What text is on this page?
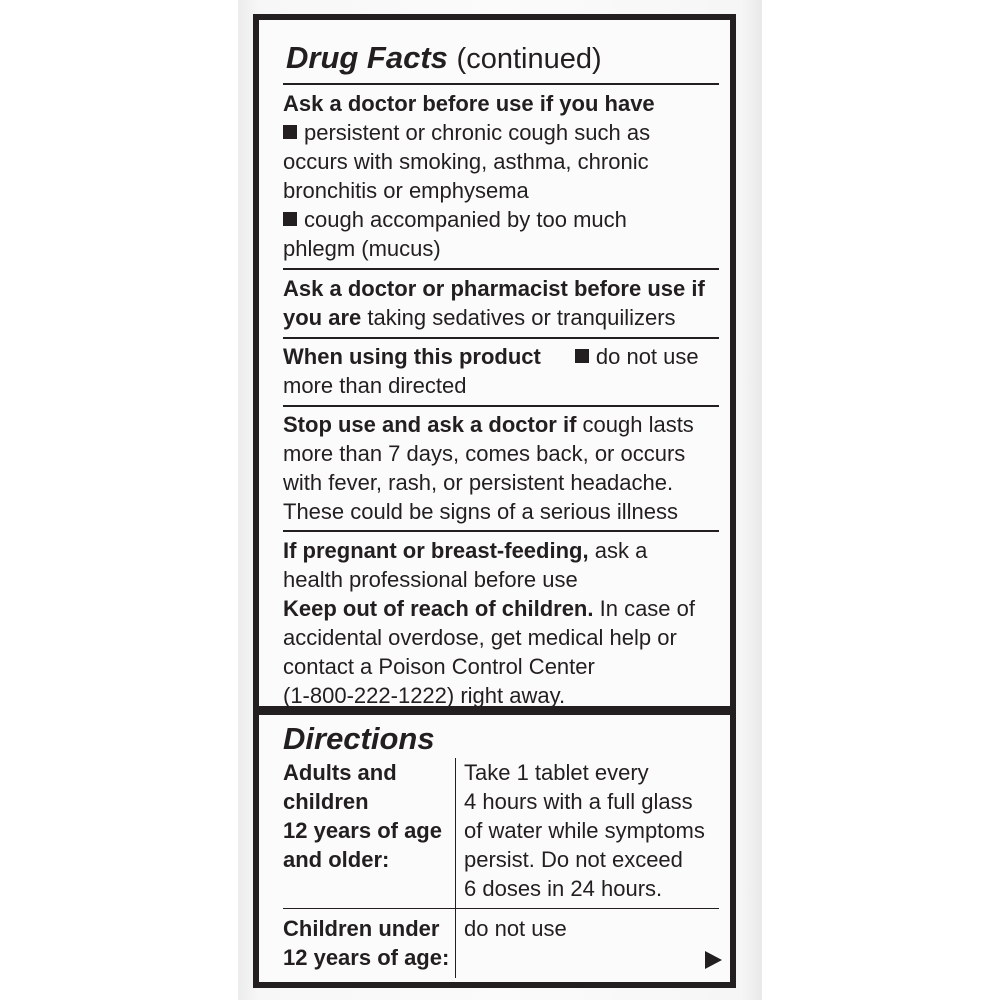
Drug Facts (continued)
Ask a doctor before use if you have
persistent or chronic cough such as
occurs with smoking, asthma, chronic
bronchitis or emphysema
cough accompanied by too much
phlegm (mucus)
Ask a doctor or pharmacist before use if
you are taking sedatives or tranquilizers
When using this product	do not use
more than directed
Stop use and ask a doctor if cough lasts
more than 7 days, comes back, or occurs
with fever, rash, or persistent headache.
These could be signs of a serious illness
If pregnant or breast-feeding, ask a
health professional before use
Keep out of reach of children. In case of
accidental overdose, get medical help or
contact a Poison Control Center
(1-800-222-1222) right away.
Directions
Adults and
children
12 years of age
and older:
Take 1 tablet every
4 hours with a full glass
of water while symptoms
persist. Do not exceed
6 doses in 24 hours.
Children under
12 years of age:
do not use
